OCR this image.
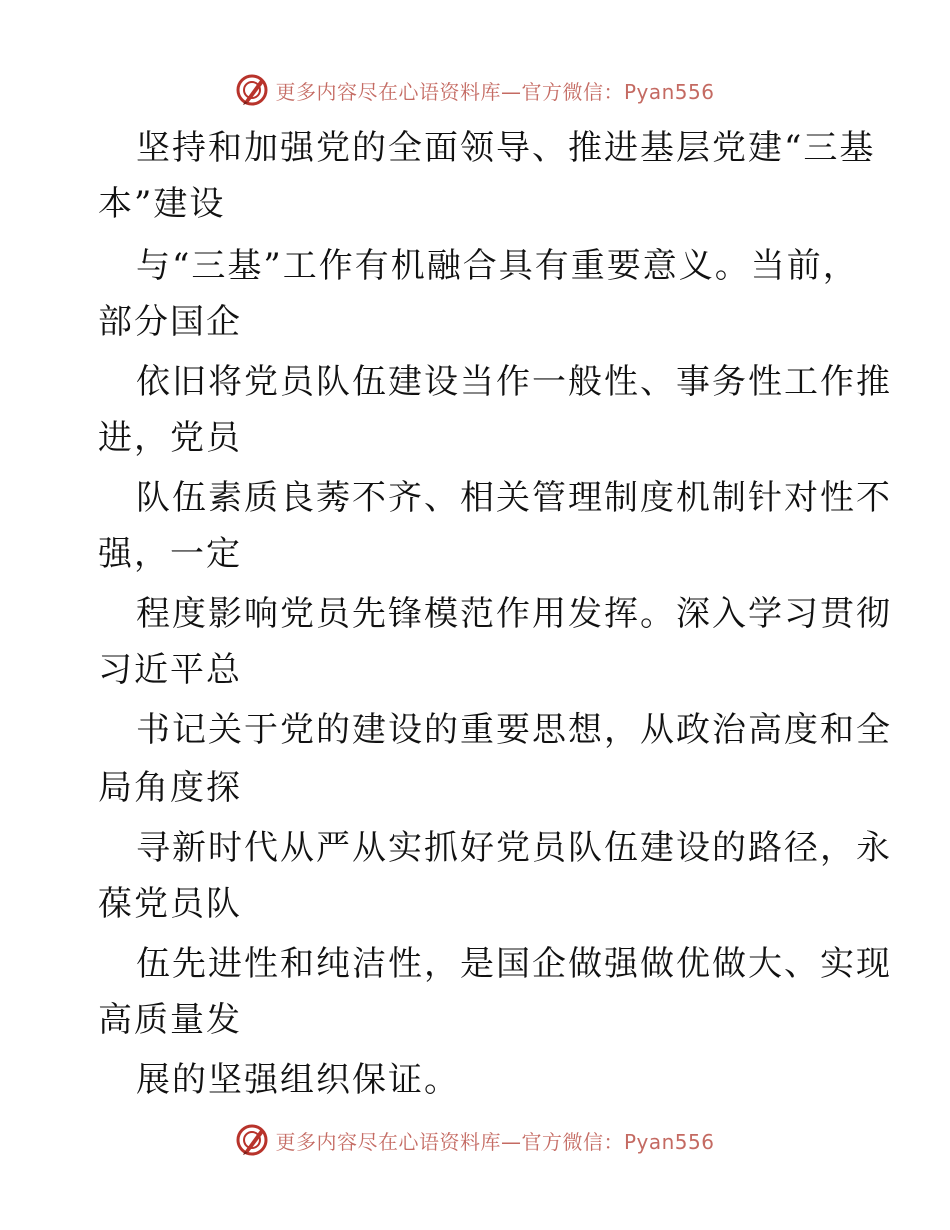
更多内容尽在心语资料库—官方微信：Pyan556
坚持和加强党的全面领导、推进基层党建“三基
本”建设
与“三基”工作有机融合具有重要意义。当前，
部分国企
依旧将党员队伍建设当作一般性、事务性工作推
进，党员
队伍素质良莠不齐、相关管理制度机制针对性不
强，一定
程度影响党员先锋模范作用发挥。深入学习贯彻
习近平总
书记关于党的建设的重要思想，从政治高度和全
局角度探
寻新时代从严从实抓好党员队伍建设的路径，永
葆党员队
伍先进性和纯洁性，是国企做强做优做大、实现
高质量发
展的坚强组织保证。
更多内容尽在心语资料库—官方微信：Pyan556
